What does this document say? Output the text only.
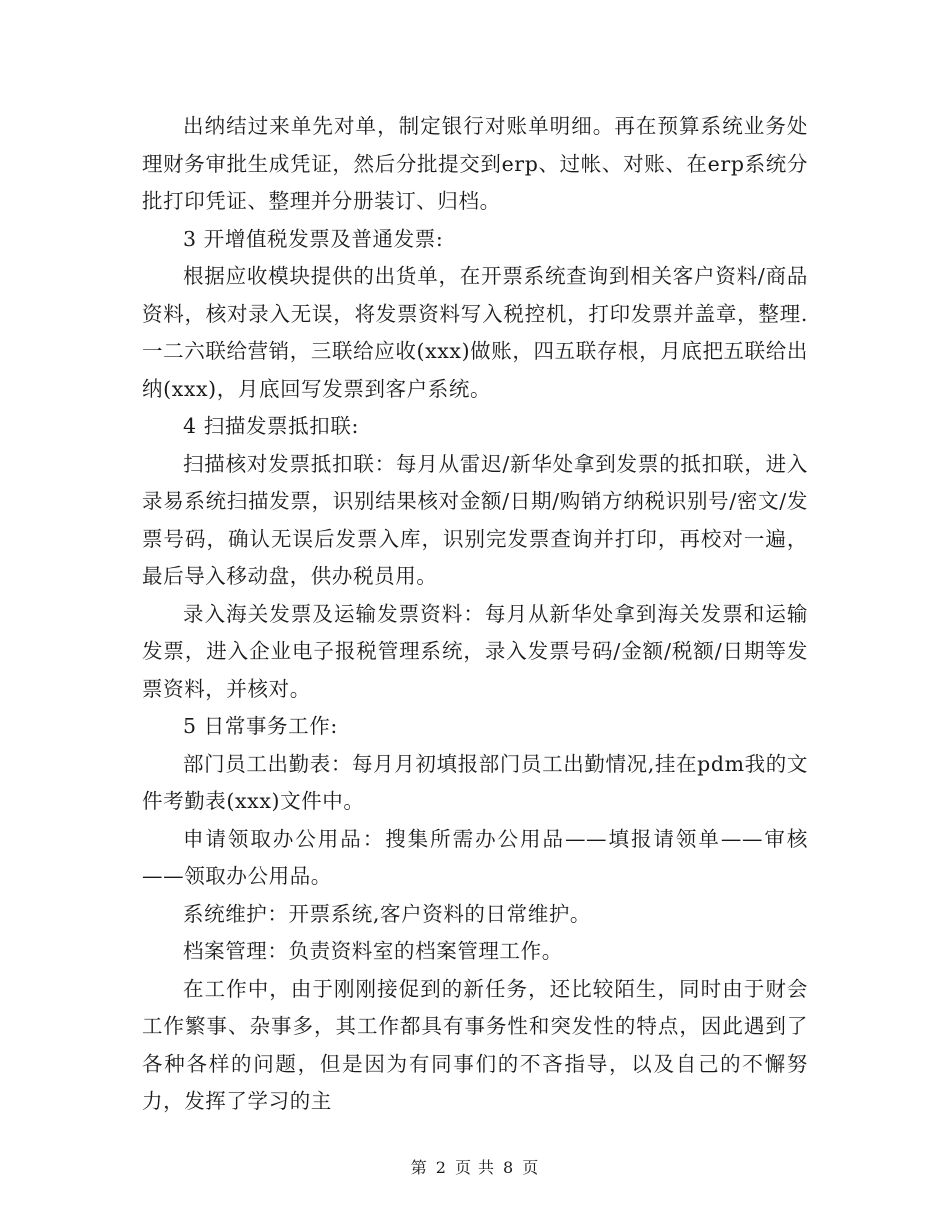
出纳结过来单先对单，制定银行对账单明细。再在预算系统业务处理财务审批生成凭证，然后分批提交到erp、过帐、对账、在erp系统分批打印凭证、整理并分册装订、归档。

3 开增值税发票及普通发票:

根据应收模块提供的出货单，在开票系统查询到相关客户资料/商品资料，核对录入无误，将发票资料写入税控机，打印发票并盖章，整理.一二六联给营销，三联给应收(xxx)做账，四五联存根，月底把五联给出纳(xxx)，月底回写发票到客户系统。

4 扫描发票抵扣联:

扫描核对发票抵扣联：每月从雷迟/新华处拿到发票的抵扣联，进入录易系统扫描发票，识别结果核对金额/日期/购销方纳税识别号/密文/发票号码，确认无误后发票入库，识别完发票查询并打印，再校对一遍，最后导入移动盘，供办税员用。

录入海关发票及运输发票资料：每月从新华处拿到海关发票和运输发票，进入企业电子报税管理系统，录入发票号码/金额/税额/日期等发票资料，并核对。

5 日常事务工作:

部门员工出勤表：每月月初填报部门员工出勤情况,挂在pdm我的文件考勤表(xxx)文件中。

申请领取办公用品：搜集所需办公用品——填报请领单——审核——领取办公用品。

系统维护：开票系统,客户资料的日常维护。

档案管理：负责资料室的档案管理工作。

在工作中，由于刚刚接促到的新任务，还比较陌生，同时由于财会工作繁事、杂事多，其工作都具有事务性和突发性的特点，因此遇到了各种各样的问题，但是因为有同事们的不吝指导，以及自己的不懈努力，发挥了学习的主

第 2 页 共 8 页
